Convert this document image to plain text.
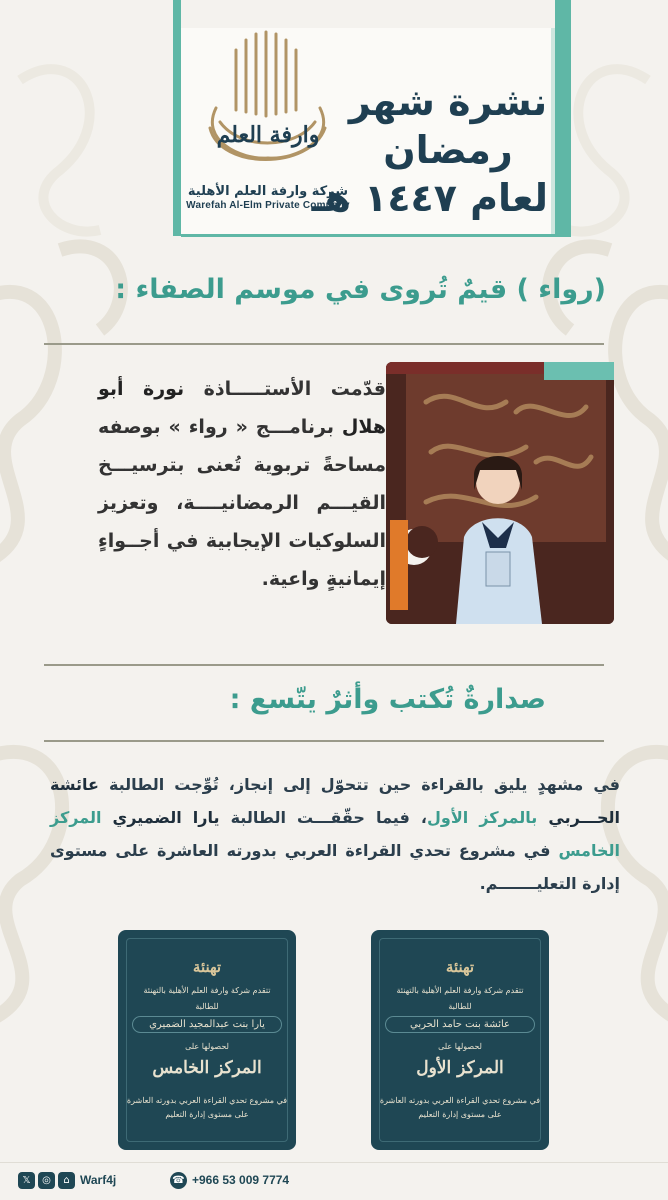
نشرة شهر
رمضان
لعام ١٤٤٧ هـ
وارفة العلم
شركة وارفة العلم الأهلية
Warefah Al-Elm Private Company
(رواء ) قيمٌ تُروى في موسم الصفاء :
قدّمت الأستـــــاذة نورة أبو هلال برنامـــج « رواء » بوصفه مساحةً تربوية تُعنى بترسيـــخ القيـــم الرمضانيــــة، وتعزيز السلوكيات الإيجابية في أجــواءٍ إيمانيةٍ واعية.
صدارةٌ تُكتب وأثرٌ يتّسع :
في مشهدٍ يليق بالقراءة حين تتحوّل إلى إنجاز، تُوِّجت الطالبة عائشة الحـــربي بالمركز الأول، فيما حقّقـــت الطالبة يارا الضميري المركز الخامس في مشروع تحدي القراءة العربي بدورته العاشرة على مستوى إدارة التعليـــــــم.
تهنئة
تتقدم شركة وارفة العلم الأهلية بالتهنئة
للطالبة
عائشة بنت حامد الحربي
لحصولها على
المركز الأول
في مشروع تحدي القراءة العربي بدورته العاشرة
على مستوى إدارة التعليم
تهنئة
تتقدم شركة وارفة العلم الأهلية بالتهنئة
للطالبة
يارا بنت عبدالمجيد الضميري
لحصولها على
المركز الخامس
في مشروع تحدي القراءة العربي بدورته العاشرة
على مستوى إدارة التعليم
𝕏	◎	⌂ Warf4j	☎ +966 53 009 7774
